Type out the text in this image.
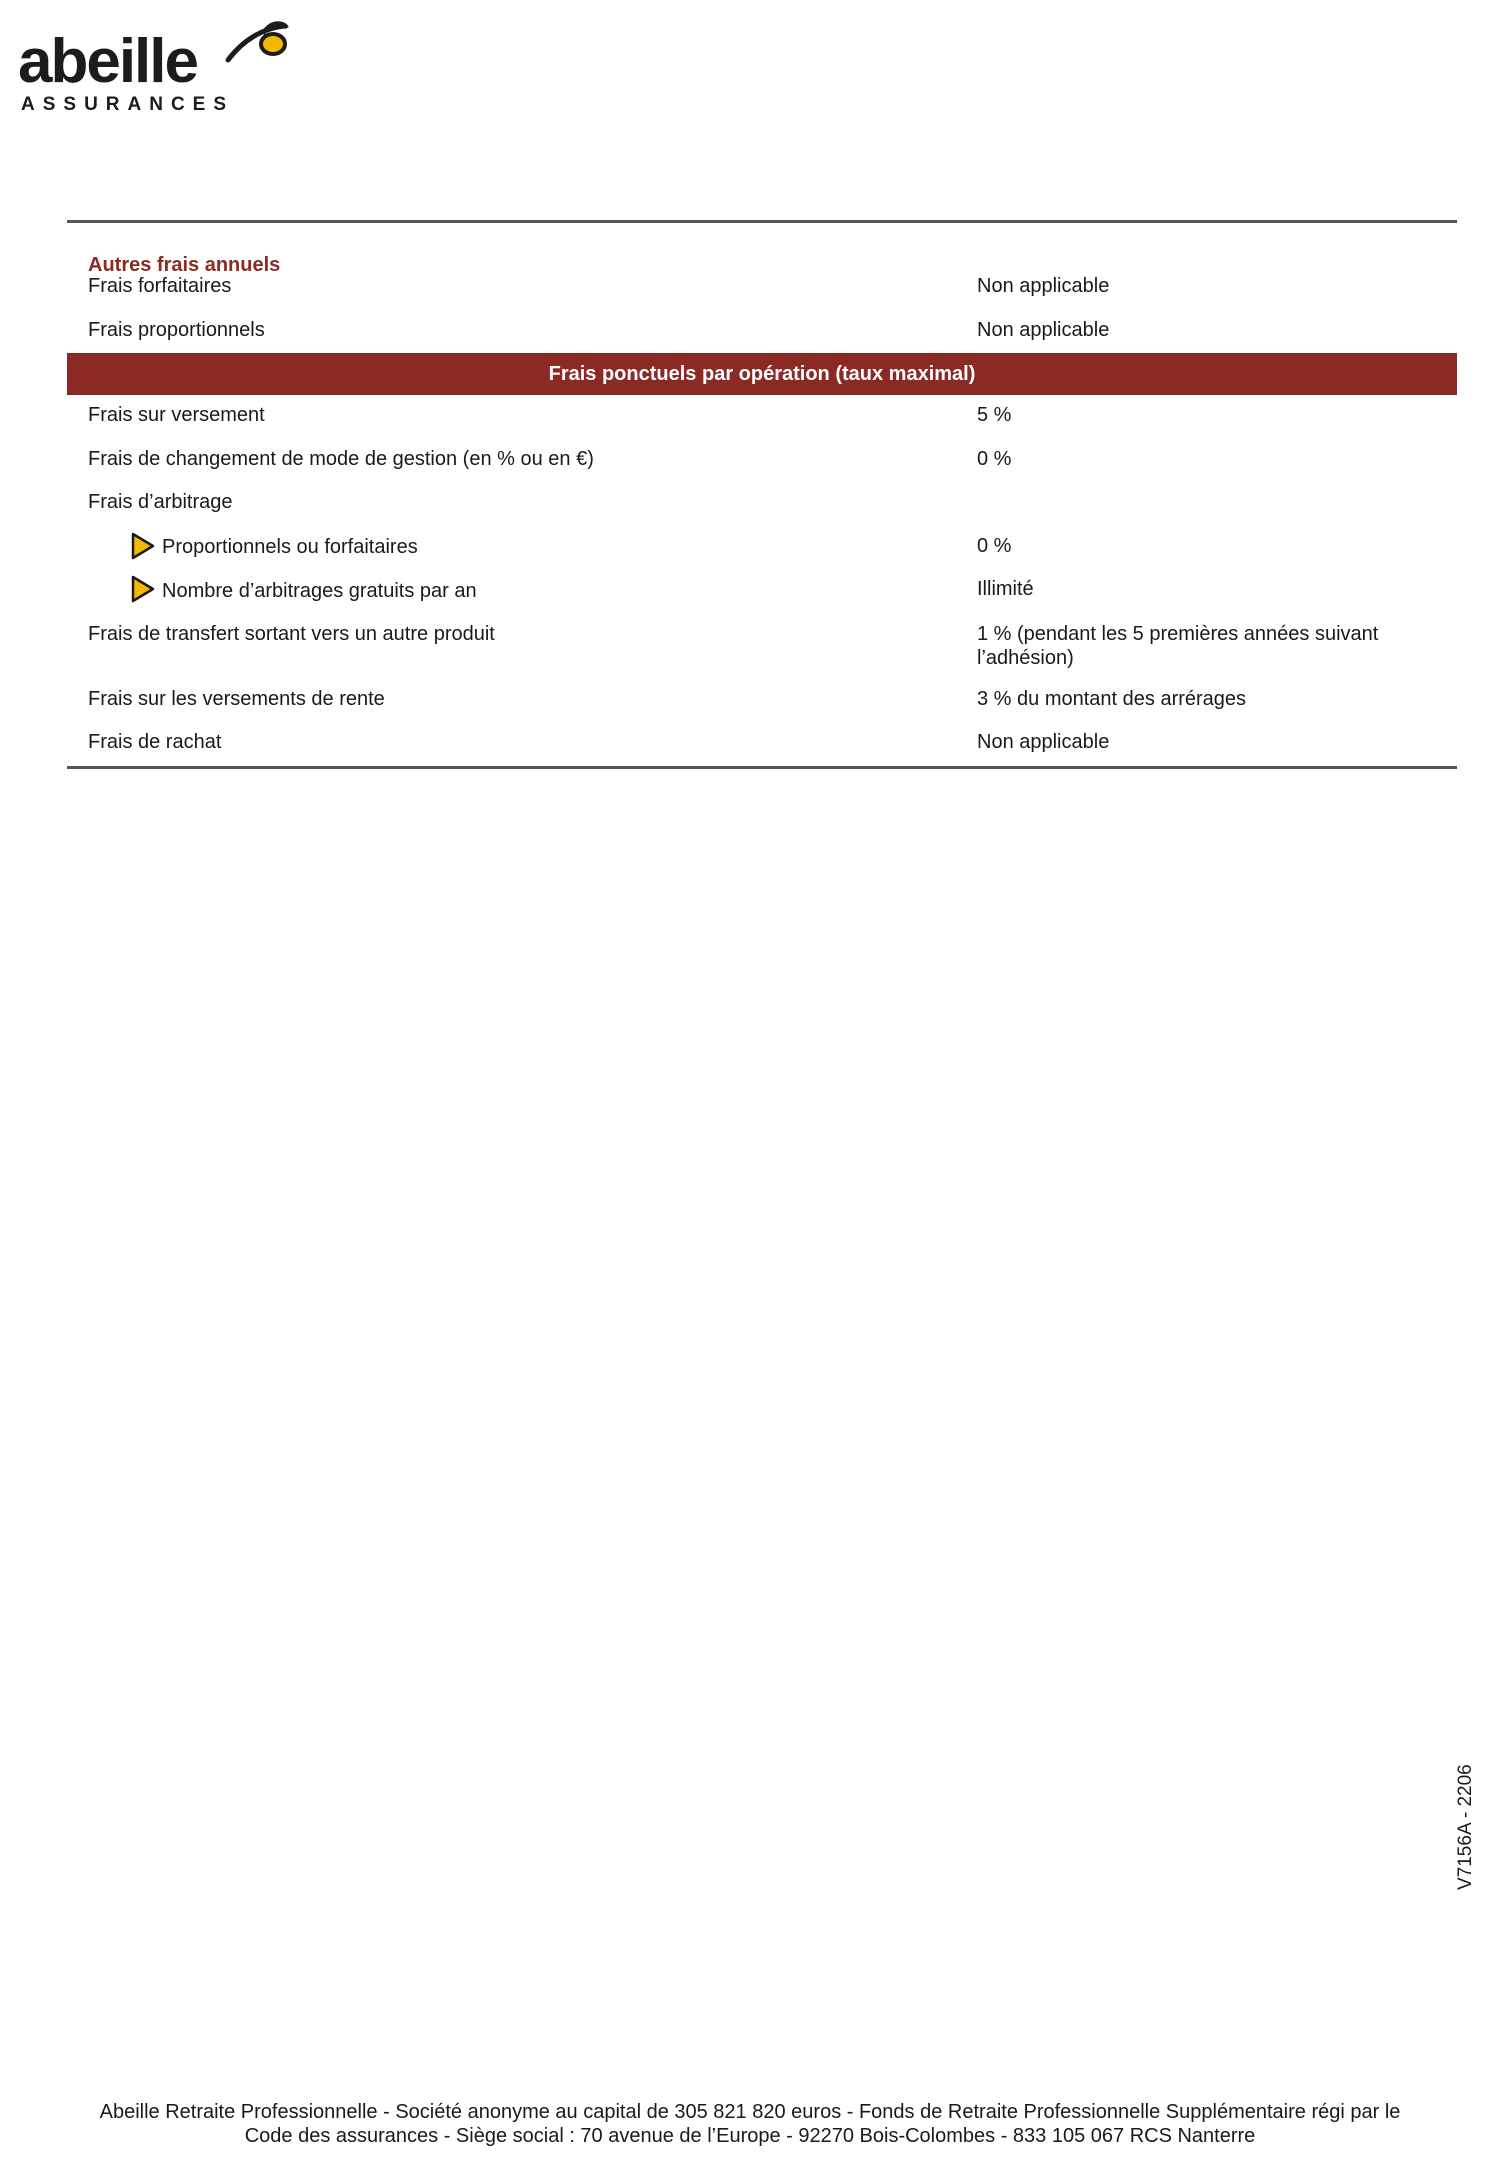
abeille
ASSURANCES
Autres frais annuels
Frais forfaitaires	Non applicable
Frais proportionnels	Non applicable
Frais ponctuels par opération (taux maximal)
Frais sur versement	5 %
Frais de changement de mode de gestion (en % ou en €)	0 %
Frais d’arbitrage
Proportionnels ou forfaitaires	0 %
Nombre d’arbitrages gratuits par an	Illimité
Frais de transfert sortant vers un autre produit	1 % (pendant les 5 premières années suivant l’adhésion)
Frais sur les versements de rente	3 % du montant des arrérages
Frais de rachat	Non applicable
V7156A - 2206
Abeille Retraite Professionnelle - Société anonyme au capital de 305 821 820 euros - Fonds de Retraite Professionnelle Supplémentaire régi par le
Code des assurances - Siège social : 70 avenue de l’Europe - 92270 Bois-Colombes - 833 105 067 RCS Nanterre
